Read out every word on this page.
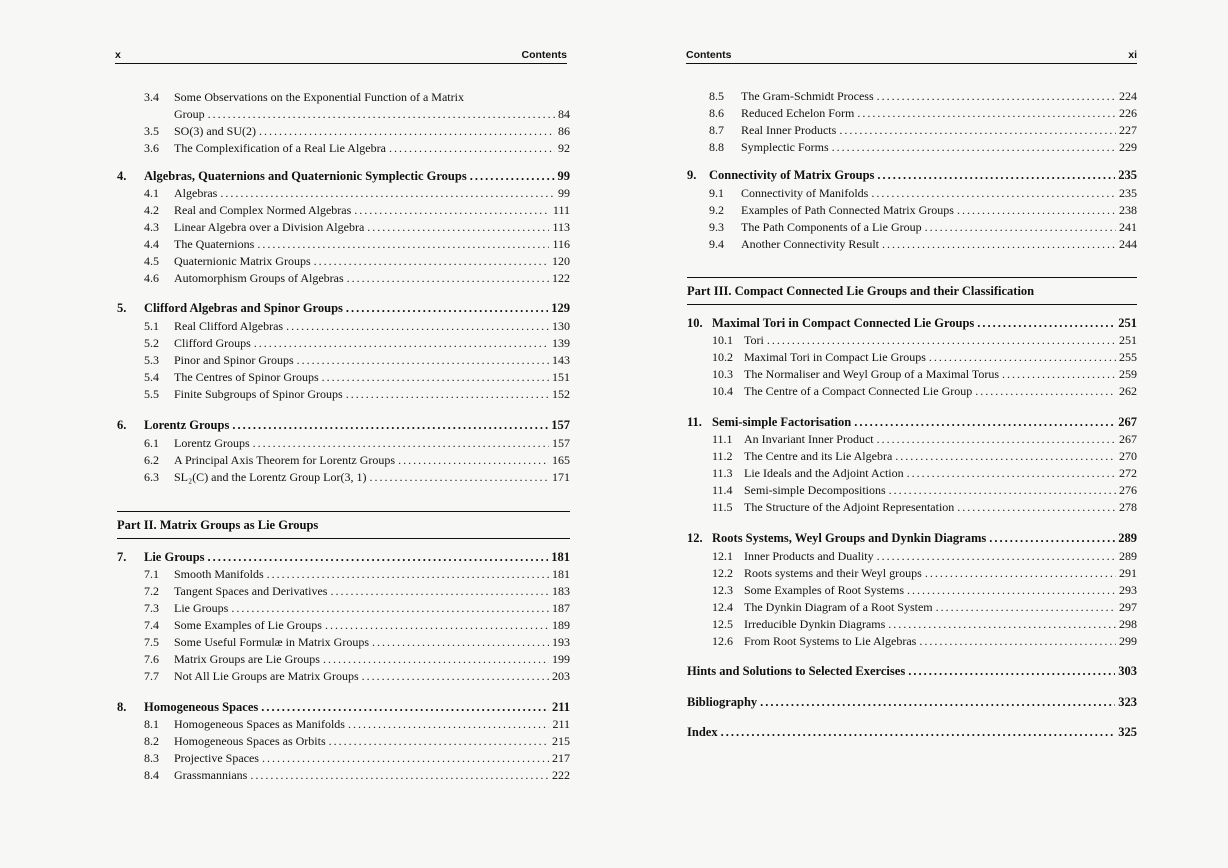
x	Contents
3.4	Some Observations on the Exponential Function of a Matrix
Group .....	84
3.5	SO(3) and SU(2) .....	86
3.6	The Complexification of a Real Lie Algebra .....	92
4.	Algebras, Quaternions and Quaternionic Symplectic Groups .....	99
4.1	Algebras .....	99
4.2	Real and Complex Normed Algebras .....	111
4.3	Linear Algebra over a Division Algebra .....	113
4.4	The Quaternions .....	116
4.5	Quaternionic Matrix Groups .....	120
4.6	Automorphism Groups of Algebras .....	122
5.	Clifford Algebras and Spinor Groups .....	129
5.1	Real Clifford Algebras .....	130
5.2	Clifford Groups .....	139
5.3	Pinor and Spinor Groups .....	143
5.4	The Centres of Spinor Groups .....	151
5.5	Finite Subgroups of Spinor Groups .....	152
6.	Lorentz Groups .....	157
6.1	Lorentz Groups .....	157
6.2	A Principal Axis Theorem for Lorentz Groups .....	165
6.3	SL₂(C) and the Lorentz Group Lor(3, 1) .....	171
Part II. Matrix Groups as Lie Groups
7.	Lie Groups .....	181
7.1	Smooth Manifolds .....	181
7.2	Tangent Spaces and Derivatives .....	183
7.3	Lie Groups .....	187
7.4	Some Examples of Lie Groups .....	189
7.5	Some Useful Formulæ in Matrix Groups .....	193
7.6	Matrix Groups are Lie Groups .....	199
7.7	Not All Lie Groups are Matrix Groups .....	203
8.	Homogeneous Spaces .....	211
8.1	Homogeneous Spaces as Manifolds .....	211
8.2	Homogeneous Spaces as Orbits .....	215
8.3	Projective Spaces .....	217
8.4	Grassmannians .....	222
Contents	xi
8.5	The Gram-Schmidt Process .....	224
8.6	Reduced Echelon Form .....	226
8.7	Real Inner Products .....	227
8.8	Symplectic Forms .....	229
9.	Connectivity of Matrix Groups .....	235
9.1	Connectivity of Manifolds .....	235
9.2	Examples of Path Connected Matrix Groups .....	238
9.3	The Path Components of a Lie Group .....	241
9.4	Another Connectivity Result .....	244
Part III. Compact Connected Lie Groups and their Classification
10. Maximal Tori in Compact Connected Lie Groups .....	251
10.1 Tori .....	251
10.2 Maximal Tori in Compact Lie Groups .....	255
10.3 The Normaliser and Weyl Group of a Maximal Torus .....	259
10.4 The Centre of a Compact Connected Lie Group .....	262
11. Semi-simple Factorisation .....	267
11.1 An Invariant Inner Product .....	267
11.2 The Centre and its Lie Algebra .....	270
11.3 Lie Ideals and the Adjoint Action .....	272
11.4 Semi-simple Decompositions .....	276
11.5 The Structure of the Adjoint Representation .....	278
12. Roots Systems, Weyl Groups and Dynkin Diagrams .....	289
12.1 Inner Products and Duality .....	289
12.2 Roots systems and their Weyl groups .....	291
12.3 Some Examples of Root Systems .....	293
12.4 The Dynkin Diagram of a Root System .....	297
12.5 Irreducible Dynkin Diagrams .....	298
12.6 From Root Systems to Lie Algebras .....	299
Hints and Solutions to Selected Exercises .....	303
Bibliography .....	323
Index .....	325
